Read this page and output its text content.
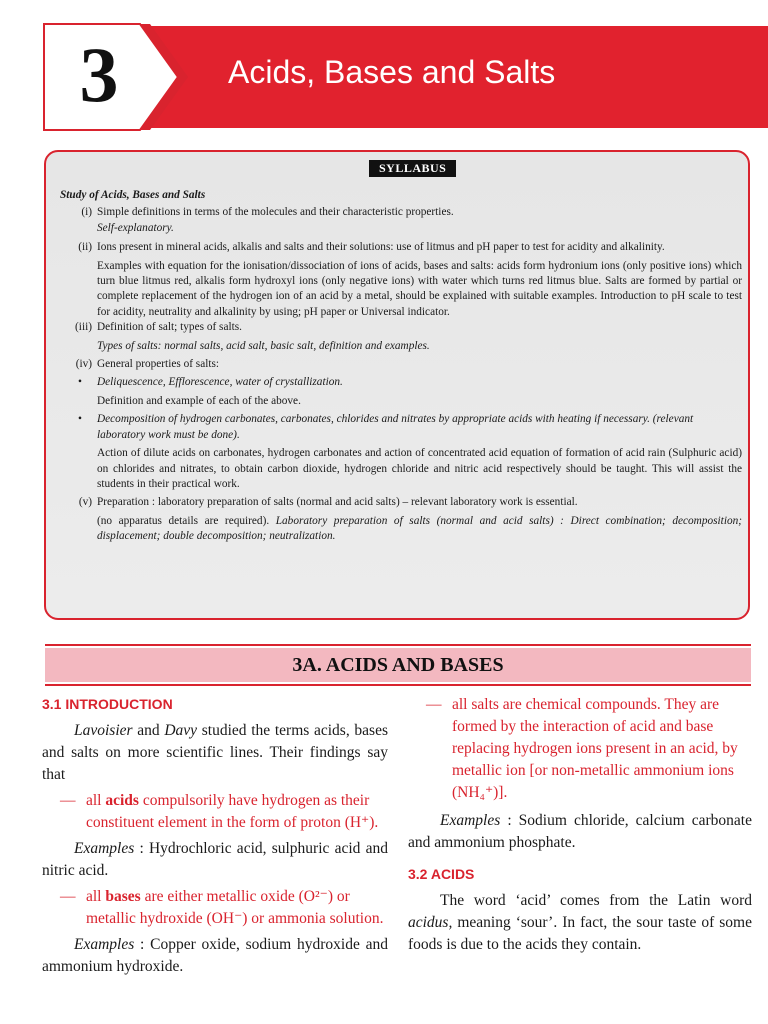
3	Acids, Bases and Salts
SYLLABUS
Study of Acids, Bases and Salts
(i) Simple definitions in terms of the molecules and their characteristic properties.
Self-explanatory.
(ii) Ions present in mineral acids, alkalis and salts and their solutions: use of litmus and pH paper to test for acidity and alkalinity.
Examples with equation for the ionisation/dissociation of ions of acids, bases and salts: acids form hydronium ions (only positive ions) which turn blue litmus red, alkalis form hydroxyl ions (only negative ions) with water which turns red litmus blue. Salts are formed by partial or complete replacement of the hydrogen ion of an acid by a metal, should be explained with suitable examples. Introduction to pH scale to test for acidity, neutrality and alkalinity by using; pH paper or Universal indicator.
(iii) Definition of salt; types of salts.
Types of salts: normal salts, acid salt, basic salt, definition and examples.
(iv) General properties of salts:
• Deliquescence, Efflorescence, water of crystallization.
Definition and example of each of the above.
• Decomposition of hydrogen carbonates, carbonates, chlorides and nitrates by appropriate acids with heating if necessary. (relevant laboratory work must be done).
Action of dilute acids on carbonates, hydrogen carbonates and action of concentrated acid equation of formation of acid rain (Sulphuric acid) on chlorides and nitrates, to obtain carbon dioxide, hydrogen chloride and nitric acid respectively should be taught. This will assist the students in their practical work.
(v) Preparation : laboratory preparation of salts (normal and acid salts) – relevant laboratory work is essential.
(no apparatus details are required). Laboratory preparation of salts (normal and acid salts) : Direct combination; decomposition; displacement; double decomposition; neutralization.
3A. ACIDS AND BASES
3.1 INTRODUCTION

Lavoisier and Davy studied the terms acids, bases and salts on more scientific lines. Their findings say that

— all acids compulsorily have hydrogen as their constituent element in the form of proton (H⁺).

Examples : Hydrochloric acid, sulphuric acid and nitric acid.

— all bases are either metallic oxide (O²⁻) or metallic hydroxide (OH⁻) or ammonia solution.

Examples : Copper oxide, sodium hydroxide and ammonium hydroxide.

— all salts are chemical compounds. They are formed by the interaction of acid and base replacing hydrogen ions present in an acid, by metallic ion [or non-metallic ammonium ions (NH₄⁺)].

Examples : Sodium chloride, calcium carbonate and ammonium phosphate.

3.2 ACIDS

The word ‘acid’ comes from the Latin word acidus, meaning ‘sour’. In fact, the sour taste of some foods is due to the acids they contain.
